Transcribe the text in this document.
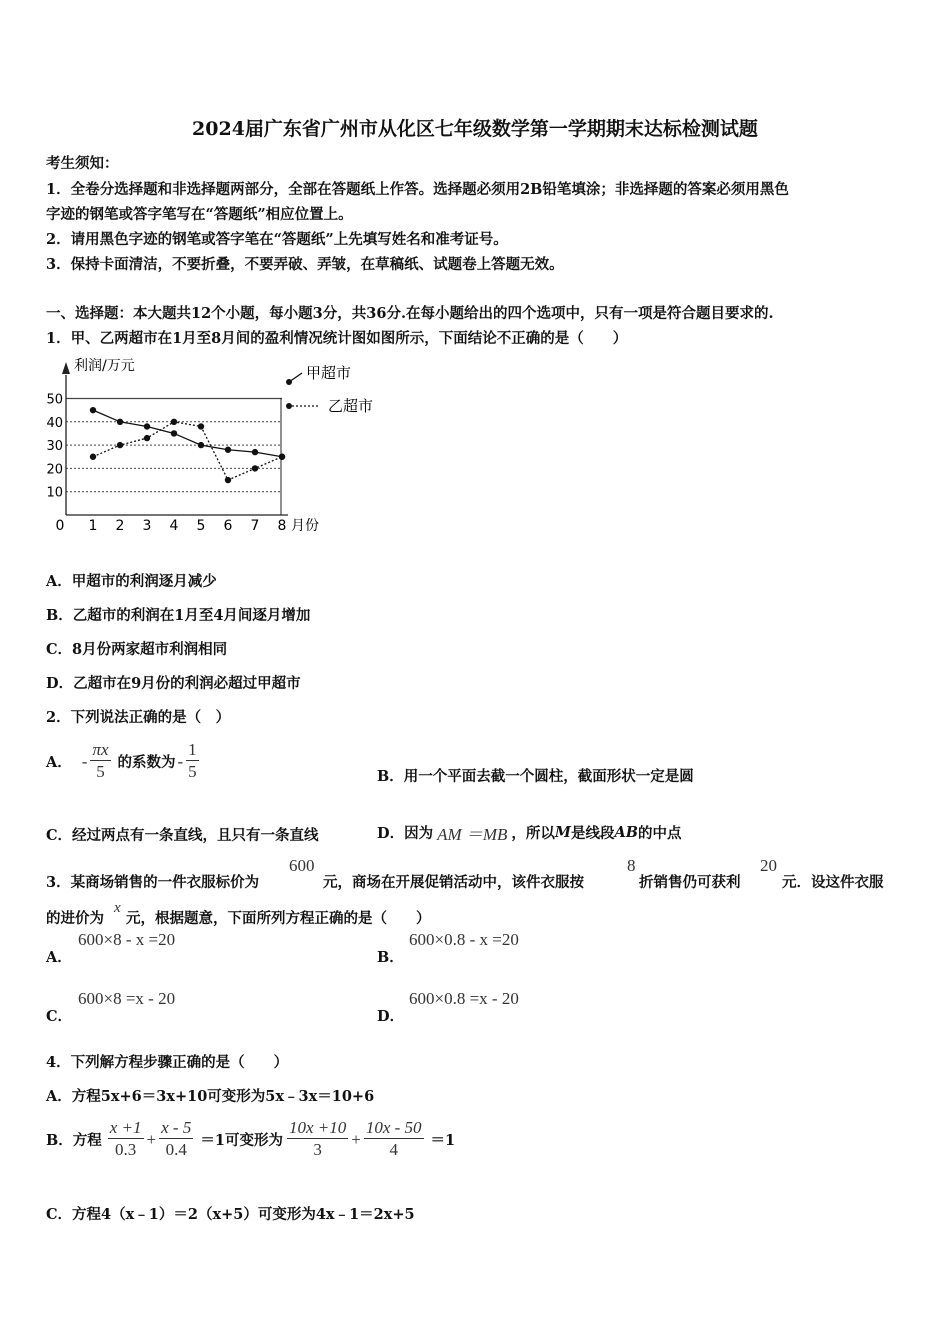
2024届广东省广州市从化区七年级数学第一学期期末达标检测试题
考生须知：
1．全卷分选择题和非选择题两部分，全部在答题纸上作答。选择题必须用2B铅笔填涂；非选择题的答案必须用黑色
字迹的钢笔或答字笔写在“答题纸”相应位置上。
2．请用黑色字迹的钢笔或答字笔在“答题纸”上先填写姓名和准考证号。
3．保持卡面清洁，不要折叠，不要弄破、弄皱，在草稿纸、试题卷上答题无效。
一、选择题：本大题共12个小题，每小题3分，共36分.在每小题给出的四个选项中，只有一项是符合题目要求的.
1．甲、乙两超市在1月至8月间的盈利情况统计图如图所示，下面结论不正确的是（　　）
利润/万元
月份
0
50
40
30
20
10
1 2 3 4 5 6 7 8
甲超市
乙超市
A．甲超市的利润逐月减少
B．乙超市的利润在1月至4月间逐月增加
C．8月份两家超市利润相同
D．乙超市在9月份的利润必超过甲超市
2．下列说法正确的是（　）
A． - $\frac{\pi x}{5}$ 的系数为 - $\frac{1}{5}$	B．用一个平面去截一个圆柱，截面形状一定是圆
C．经过两点有一条直线，且只有一条直线	D．因为 AM ＝MB ，所以 M 是线段 AB 的中点
3．某商场销售的一件衣服标价为
600
元，商场在开展促销活动中，该件衣服按
8
折销售仍可获利
20
元．设这件衣服
的进价为
x
元，根据题意，下面所列方程正确的是（　　）
A．
600×8 - x =20
B．
600×0.8 - x =20
C．
600×8 =x - 20
D．
600×0.8 =x - 20
4．下列解方程步骤正确的是（　　）
A．方程5x+6＝3x+10可变形为5x﹣3x＝10+6
B．方程 $\frac{x +1}{0.3} + \frac{x - 5}{0.4} =1$可变形为 $\frac{10x +10}{3} + \frac{10x - 50}{4} =1$
C．方程4（x﹣1）＝2（x+5）可变形为4x﹣1＝2x+5
